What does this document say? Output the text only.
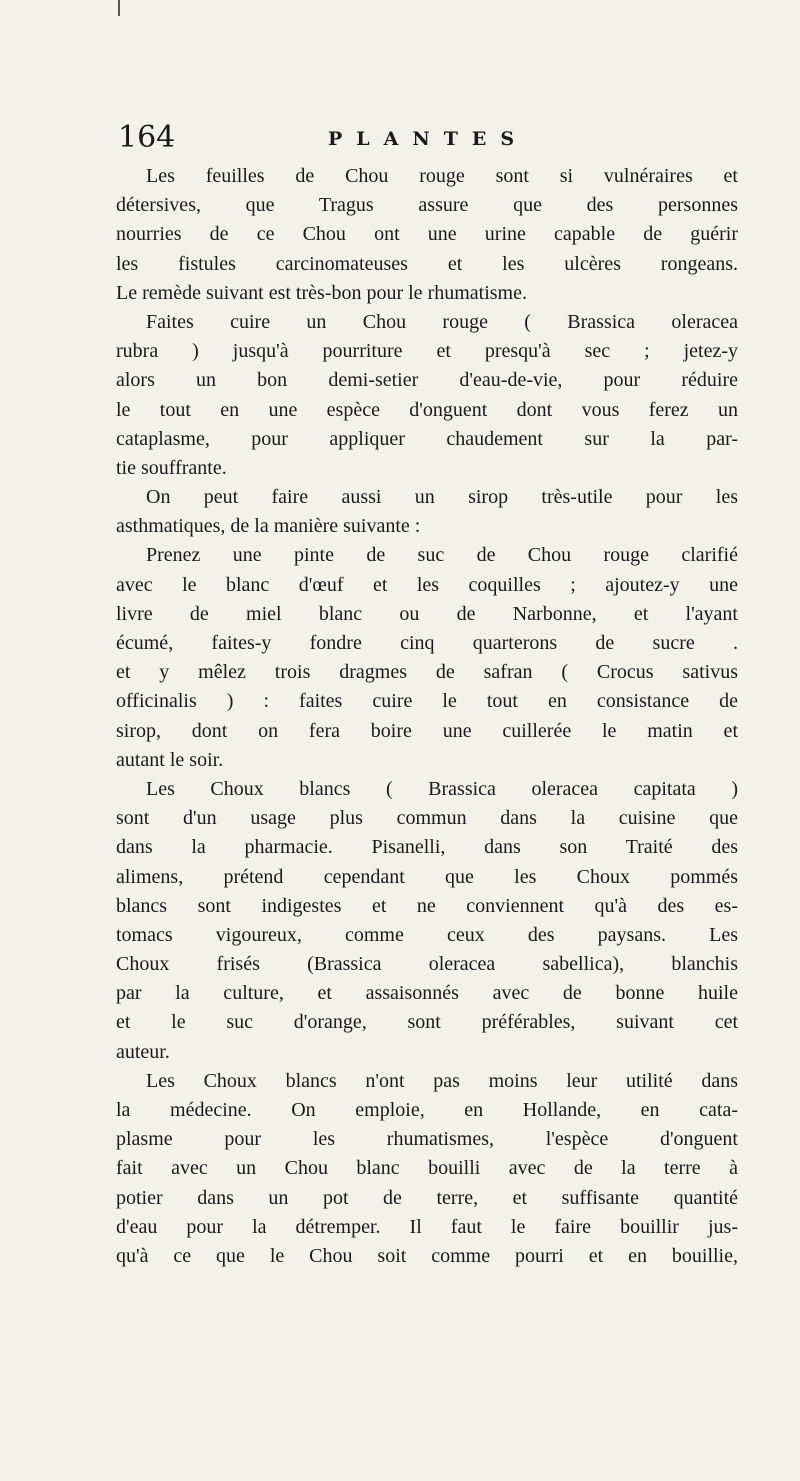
164	PLANTES
Les feuilles de Chou rouge sont si vulnéraires et
détersives, que Tragus assure que des personnes
nourries de ce Chou ont une urine capable de guérir
les fistules carcinomateuses et les ulcères rongeans.
Le remède suivant est très-bon pour le rhumatisme.
Faites cuire un Chou rouge ( Brassica oleracea
rubra ) jusqu'à pourriture et presqu'à sec ; jetez-y
alors un bon demi-setier d'eau-de-vie, pour réduire
le tout en une espèce d'onguent dont vous ferez un
cataplasme, pour appliquer chaudement sur la par-
tie souffrante.
On peut faire aussi un sirop très-utile pour les
asthmatiques, de la manière suivante :
Prenez une pinte de suc de Chou rouge clarifié
avec le blanc d'œuf et les coquilles ; ajoutez-y une
livre de miel blanc ou de Narbonne, et l'ayant
écumé, faites-y fondre cinq quarterons de sucre .
et y mêlez trois dragmes de safran ( Crocus sativus
officinalis ) : faites cuire le tout en consistance de
sirop, dont on fera boire une cuillerée le matin et
autant le soir.
Les Choux blancs ( Brassica oleracea capitata )
sont d'un usage plus commun dans la cuisine que
dans la pharmacie. Pisanelli, dans son Traité des
alimens, prétend cependant que les Choux pommés
blancs sont indigestes et ne conviennent qu'à des es-
tomacs vigoureux, comme ceux des paysans. Les
Choux frisés (Brassica oleracea sabellica), blanchis
par la culture, et assaisonnés avec de bonne huile
et le suc d'orange, sont préférables, suivant cet
auteur.
Les Choux blancs n'ont pas moins leur utilité dans
la médecine. On emploie, en Hollande, en cata-
plasme pour les rhumatismes, l'espèce d'onguent
fait avec un Chou blanc bouilli avec de la terre à
potier dans un pot de terre, et suffisante quantité
d'eau pour la détremper. Il faut le faire bouillir jus-
qu'à ce que le Chou soit comme pourri et en bouillie,
